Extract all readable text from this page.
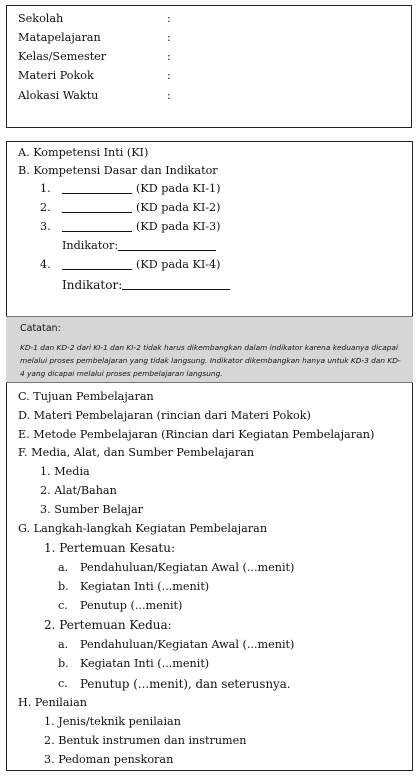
Sekolah	:
Matapelajaran	:
Kelas/Semester	:
Materi Pokok	:
Alokasi Waktu	:
A. Kompetensi Inti (KI)
B. Kompetensi Dasar dan Indikator
1.	(KD pada KI-1)
2.	(KD pada KI-2)
3.	(KD pada KI-3)
Indikator:
4.	(KD pada KI-4)
Indikator:
Catatan:
KD-1 dan KD-2 dari KI-1 dan KI-2 tidak harus dikembangkan dalam indikator karena keduanya dicapai melalui proses pembelajaran yang tidak langsung. Indikator dikembangkan hanya untuk KD-3 dan KD-4 yang dicapai melalui proses pembelajaran langsung.
C. Tujuan Pembelajaran
D. Materi Pembelajaran (rincian dari Materi Pokok)
E. Metode Pembelajaran (Rincian dari Kegiatan Pembelajaran)
F. Media, Alat, dan Sumber Pembelajaran
1. Media
2. Alat/Bahan
3. Sumber Belajar
G. Langkah-langkah Kegiatan Pembelajaran
1. Pertemuan Kesatu:
a. Pendahuluan/Kegiatan Awal (...menit)
b. Kegiatan Inti (...menit)
c. Penutup (...menit)
2. Pertemuan Kedua:
a. Pendahuluan/Kegiatan Awal (...menit)
b. Kegiatan Inti (...menit)
c. Penutup (...menit), dan seterusnya.
H. Penilaian
1. Jenis/teknik penilaian
2. Bentuk instrumen dan instrumen
3. Pedoman penskoran
